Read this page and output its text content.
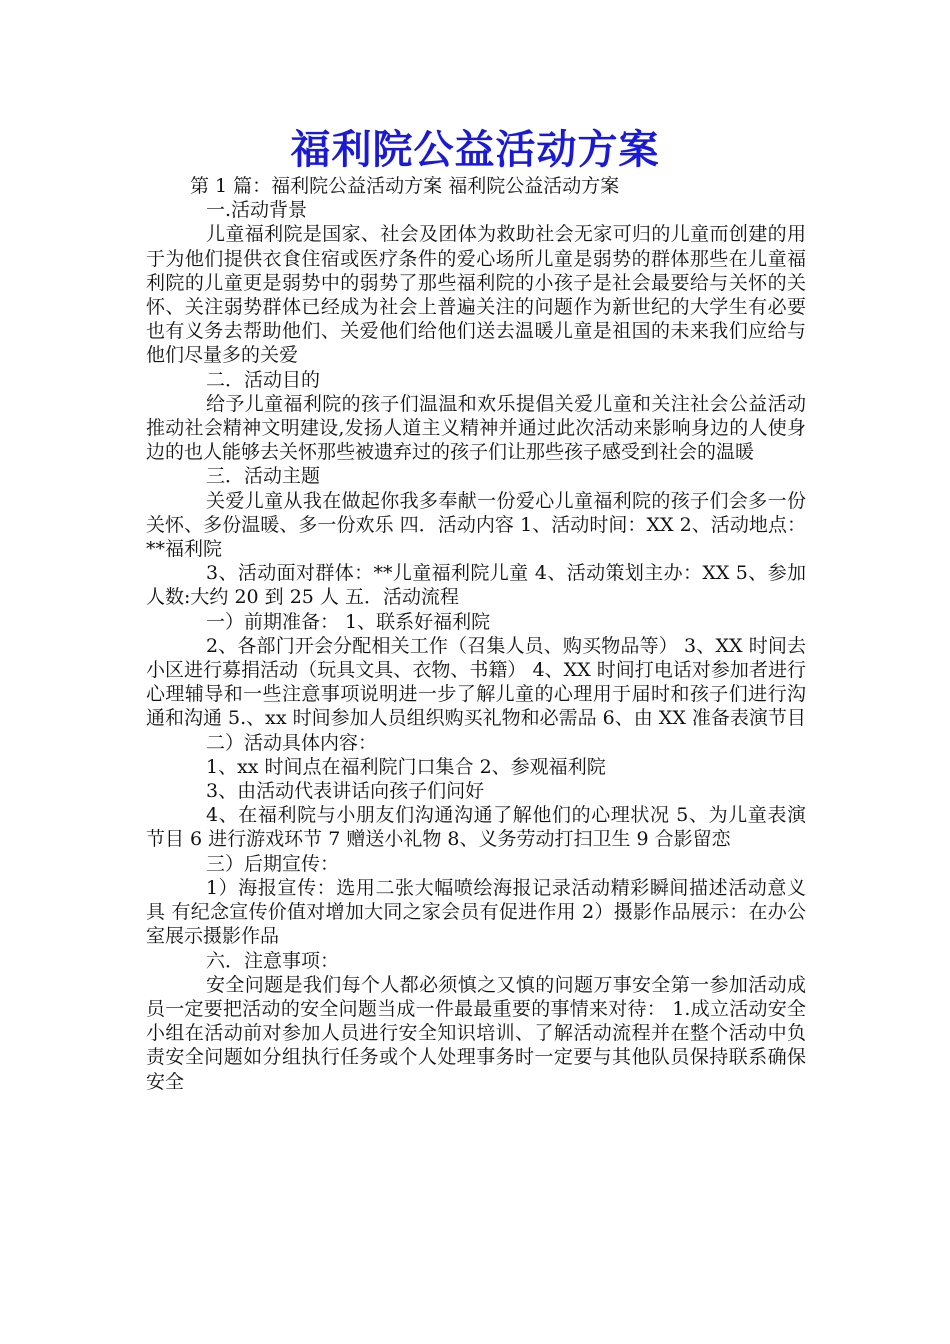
福利院公益活动方案

第 1 篇：福利院公益活动方案 福利院公益活动方案

一.活动背景

儿童福利院是国家、社会及团体为救助社会无家可归的儿童而创建的用于为他们提供衣食住宿或医疗条件的爱心场所儿童是弱势的群体那些在儿童福利院的儿童更是弱势中的弱势了那些福利院的小孩子是社会最要给与关怀的关怀、关注弱势群体已经成为社会上普遍关注的问题作为新世纪的大学生有必要也有义务去帮助他们、关爱他们给他们送去温暖儿童是祖国的未来我们应给与他们尽量多的关爱

二．活动目的

给予儿童福利院的孩子们温温和欢乐提倡关爱儿童和关注社会公益活动推动社会精神文明建设,发扬人道主义精神并通过此次活动来影响身边的人使身边的也人能够去关怀那些被遗弃过的孩子们让那些孩子感受到社会的温暖

三．活动主题

关爱儿童从我在做起你我多奉献一份爱心儿童福利院的孩子们会多一份关怀、多份温暖、多一份欢乐 四．活动内容 1、活动时间：XX 2、活动地点：**福利院

3、活动面对群体：**儿童福利院儿童 4、活动策划主办：XX 5、参加人数:大约 20 到 25 人 五．活动流程

一）前期准备： 1、联系好福利院

2、各部门开会分配相关工作（召集人员、购买物品等） 3、XX 时间去小区进行募捐活动（玩具文具、衣物、书籍） 4、XX 时间打电话对参加者进行心理辅导和一些注意事项说明进一步了解儿童的心理用于届时和孩子们进行沟通和沟通 5.、xx 时间参加人员组织购买礼物和必需品 6、由 XX 准备表演节目

二）活动具体内容：

1、xx 时间点在福利院门口集合 2、参观福利院

3、由活动代表讲话向孩子们问好

4、在福利院与小朋友们沟通沟通了解他们的心理状况 5、为儿童表演节目 6 进行游戏环节 7 赠送小礼物 8、义务劳动打扫卫生 9 合影留恋

三）后期宣传：

1）海报宣传：选用二张大幅喷绘海报记录活动精彩瞬间描述活动意义具 有纪念宣传价值对增加大同之家会员有促进作用 2）摄影作品展示：在办公室展示摄影作品

六．注意事项：

安全问题是我们每个人都必须慎之又慎的问题万事安全第一参加活动成员一定要把活动的安全问题当成一件最最重要的事情来对待： 1.成立活动安全小组在活动前对参加人员进行安全知识培训、了解活动流程并在整个活动中负责安全问题如分组执行任务或个人处理事务时一定要与其他队员保持联系确保安全
